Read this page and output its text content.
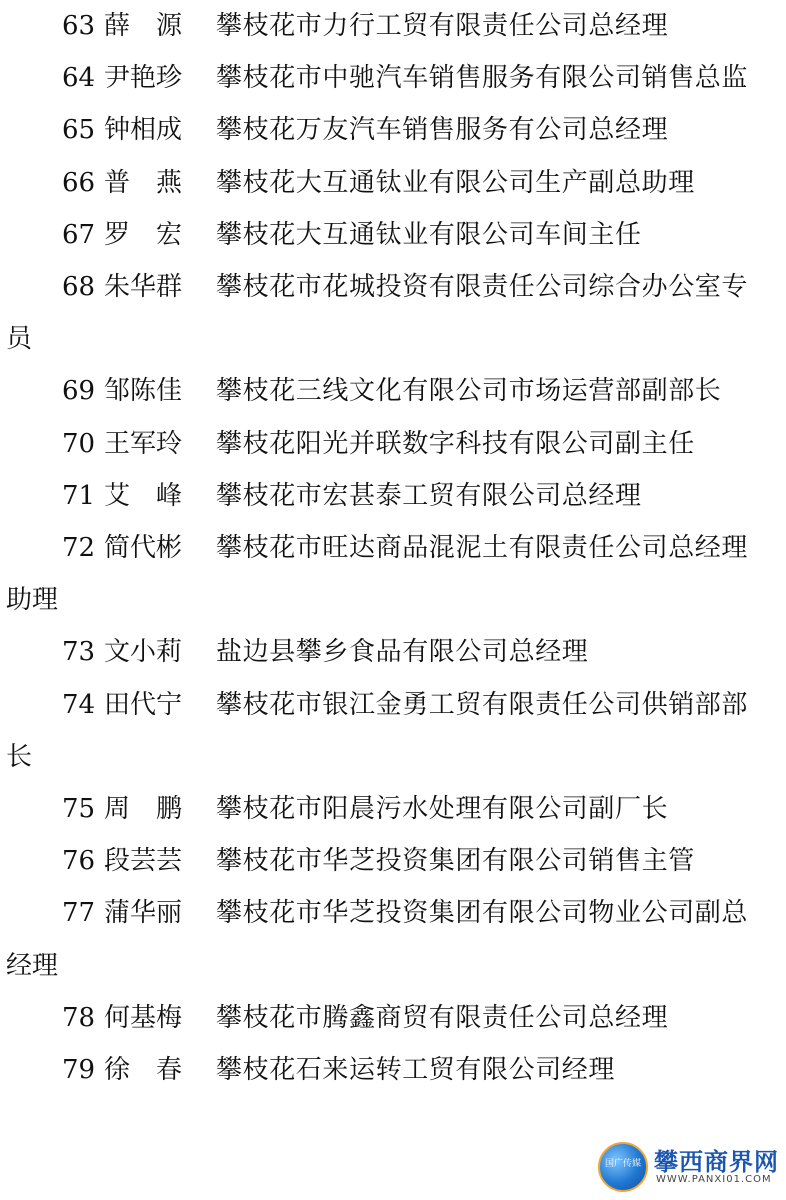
63 薛　源	攀枝花市力行工贸有限责任公司总经理
64 尹艳珍	攀枝花市中驰汽车销售服务有限公司销售总监
65 钟相成	攀枝花万友汽车销售服务有公司总经理
66 普　燕	攀枝花大互通钛业有限公司生产副总助理
67 罗　宏	攀枝花大互通钛业有限公司车间主任
68 朱华群	攀枝花市花城投资有限责任公司综合办公室专
员
69 邹陈佳	攀枝花三线文化有限公司市场运营部副部长
70 王军玲	攀枝花阳光并联数字科技有限公司副主任
71 艾　峰	攀枝花市宏甚泰工贸有限公司总经理
72 简代彬	攀枝花市旺达商品混泥土有限责任公司总经理
助理
73 文小莉	盐边县攀乡食品有限公司总经理
74 田代宁	攀枝花市银江金勇工贸有限责任公司供销部部
长
75 周　鹏	攀枝花市阳晨污水处理有限公司副厂长
76 段芸芸	攀枝花市华芝投资集团有限公司销售主管
77 蒲华丽	攀枝花市华芝投资集团有限公司物业公司副总
经理
78 何基梅	攀枝花市腾鑫商贸有限责任公司总经理
79 徐　春	攀枝花石来运转工贸有限公司经理
国广传媒 攀西商界网
WWW.PANXI01.COM
